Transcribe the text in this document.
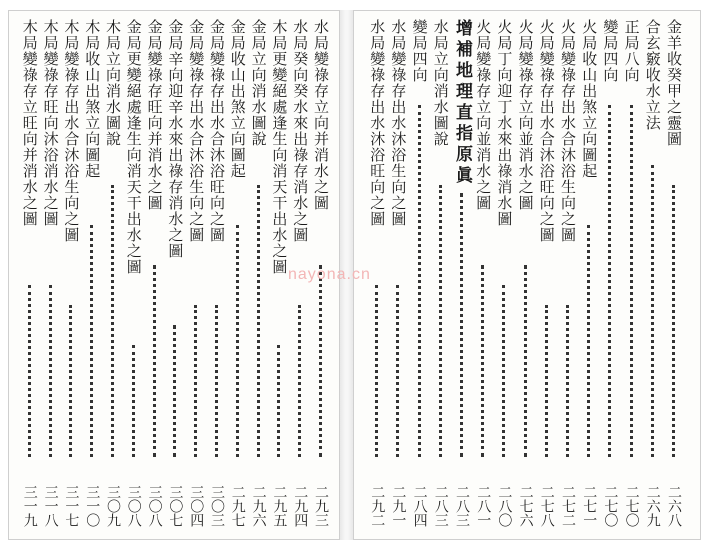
水局變祿存立向并消水之圖
二九三
水局癸向癸水來出祿存消水之圖
二九四
木局更變絕處逢生向消天干出水之圖
二九五
金局立向消水圖說
二九六
金局收山出煞立向圖起
二九七
金局變祿存出水合沐浴旺向之圖
三〇三
金局變祿存出水合沐浴生向之圖
三〇四
金局辛向迎辛水來出祿存消水之圖
三〇七
金局變祿存旺向并消水之圖
三〇八
金局更變絕處逢生向消天干出水之圖
三〇八
木局立向消水圖說
三〇九
木局收山出煞立向圖起
三一〇
木局變祿存出水合沐浴生向之圖
三一七
木局變祿存旺向沐浴消水之圖
三一八
木局變祿存立旺向并消水之圖
三一九
金羊收癸甲之靈圖
二六八
合玄竅收水立法
二六九
正局八向
二七〇
變局四向
二七〇
火局收山出煞立向圖起
二七一
火局變祿存出水合沐浴生向之圖
二七二
火局變祿存出水合沐浴旺向之圖
二七八
火局變祿存立向並消水之圖
二七六
火局丁向迎丁水來出祿消水圖
二八〇
火局變祿存立向並消水之圖
二八一
增補地理直指原眞
二八三
水局立向消水圖說
二八三
變局四向
二八四
水局變祿存出水沐浴生向之圖
二九一
水局變祿存出水沐浴旺向之圖
二九二
nayona.cn
